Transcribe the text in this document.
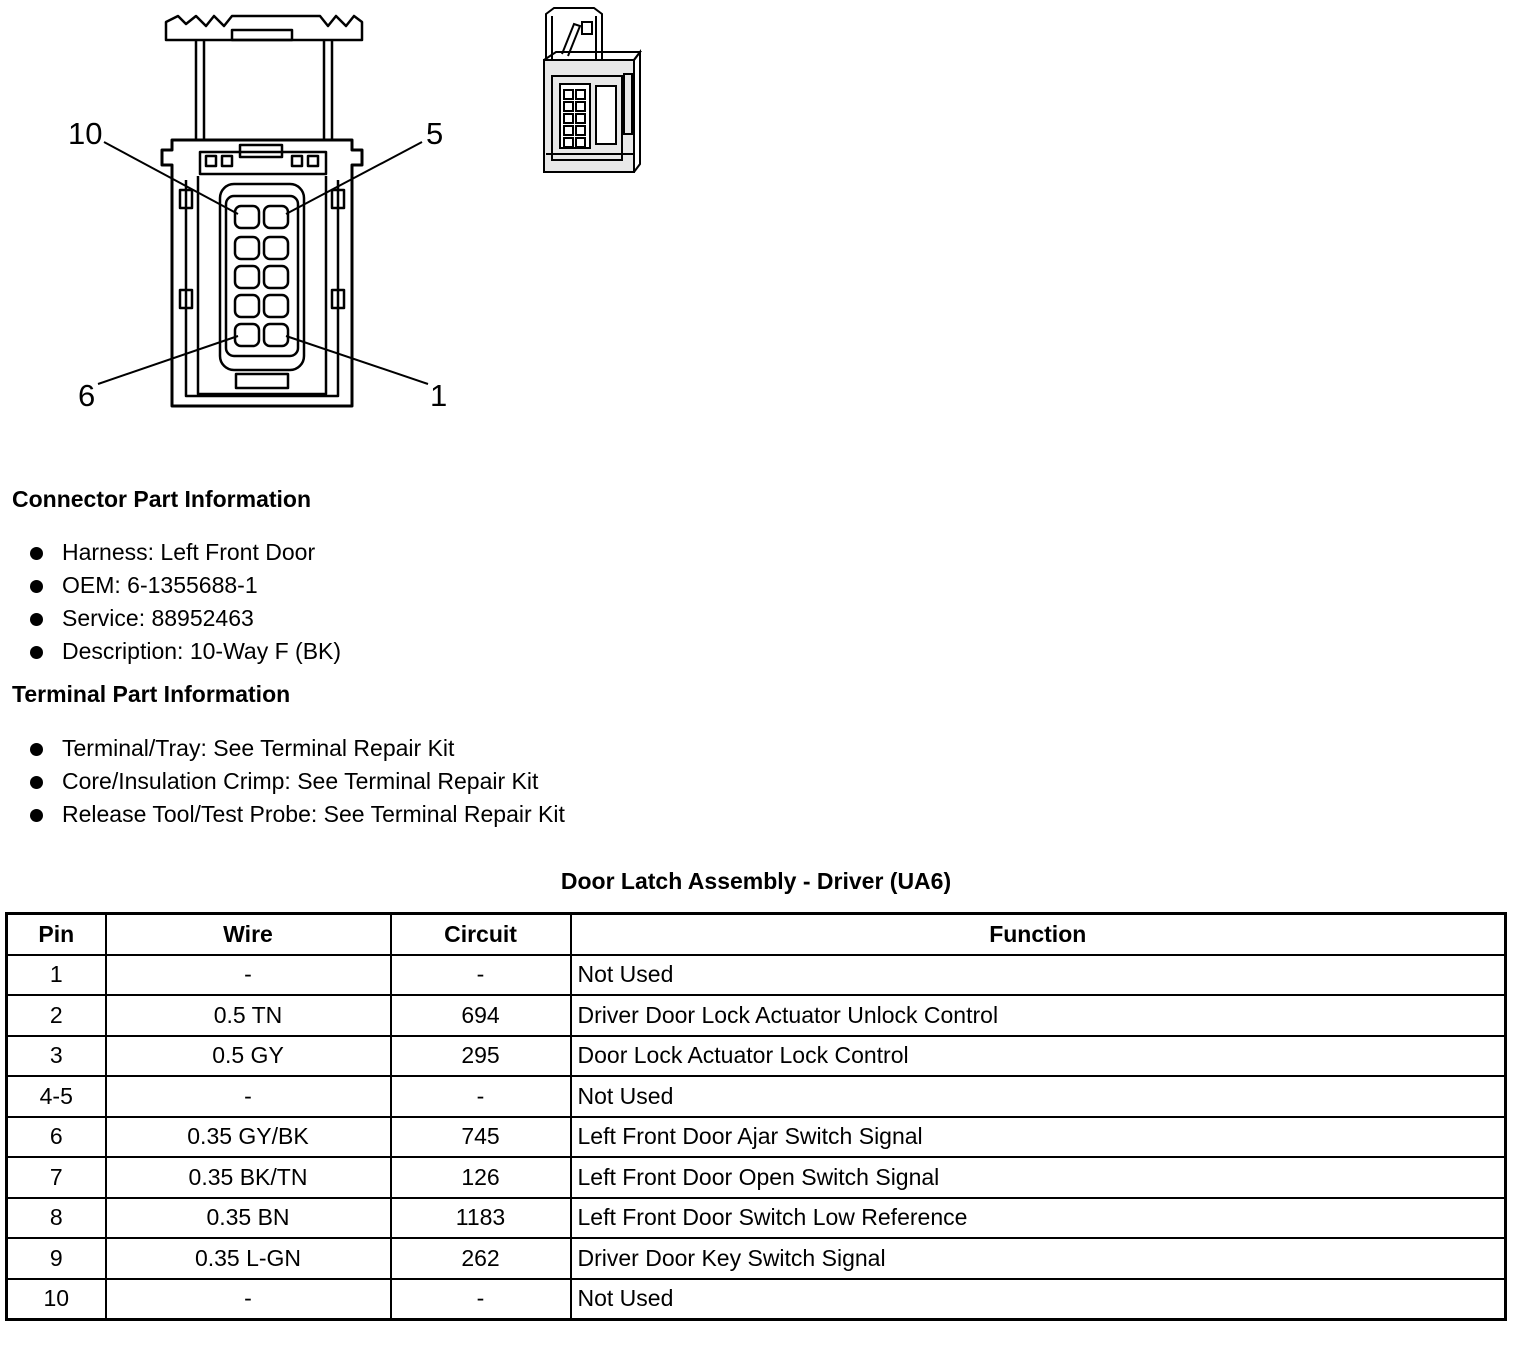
10	5
6	1
Connector Part Information
Harness: Left Front Door
OEM: 6-1355688-1
Service: 88952463
Description: 10-Way F (BK)
Terminal Part Information
Terminal/Tray: See Terminal Repair Kit
Core/Insulation Crimp: See Terminal Repair Kit
Release Tool/Test Probe: See Terminal Repair Kit
Door Latch Assembly - Driver (UA6)
Pin	Wire	Circuit	Function
1	-	-	Not Used
2	0.5 TN	694	Driver Door Lock Actuator Unlock Control
3	0.5 GY	295	Door Lock Actuator Lock Control
4-5	-	-	Not Used
6	0.35 GY/BK	745	Left Front Door Ajar Switch Signal
7	0.35 BK/TN	126	Left Front Door Open Switch Signal
8	0.35 BN	1183	Left Front Door Switch Low Reference
9	0.35 L-GN	262	Driver Door Key Switch Signal
10	-	-	Not Used
